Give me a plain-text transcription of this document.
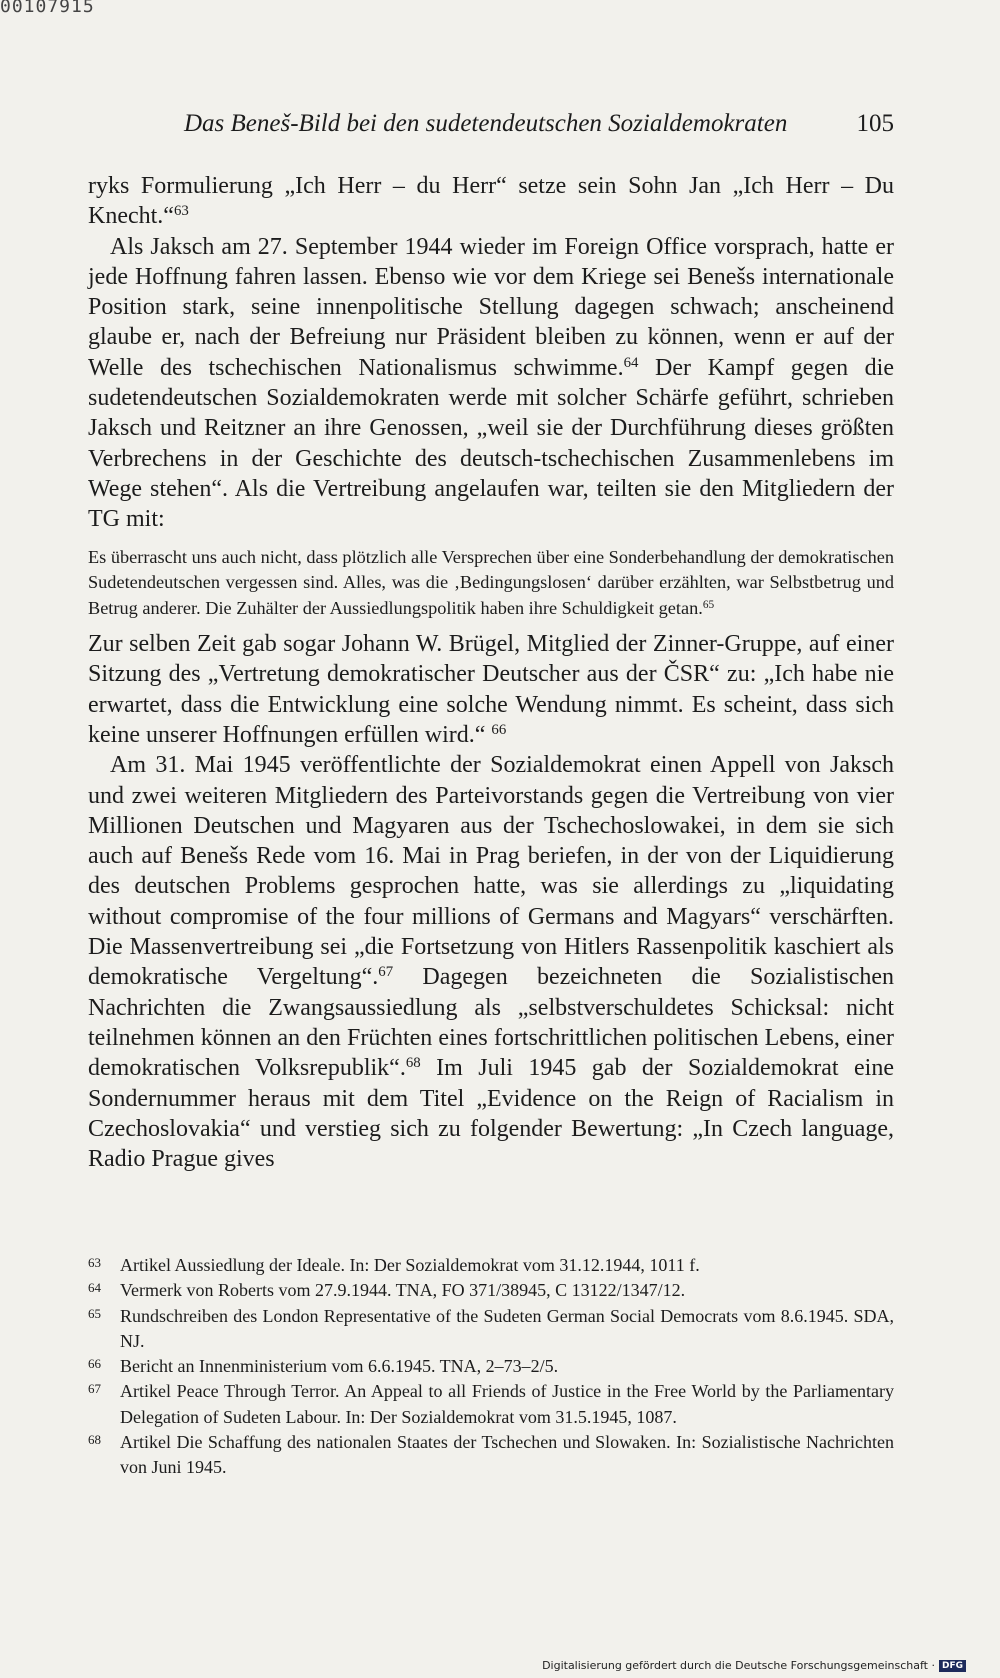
00107915
Das Beneš-Bild bei den sudetendeutschen Sozialdemokraten	105

ryks Formulierung „Ich Herr – du Herr“ setze sein Sohn Jan „Ich Herr – Du Knecht.“$^{63}$

Als Jaksch am 27. September 1944 wieder im Foreign Office vorsprach, hatte er jede Hoffnung fahren lassen. Ebenso wie vor dem Kriege sei Benešs internationale Position stark, seine innenpolitische Stellung dagegen schwach; anscheinend glaube er, nach der Befreiung nur Präsident bleiben zu können, wenn er auf der Welle des tschechischen Nationalismus schwimme.$^{64}$ Der Kampf gegen die sudetendeutschen Sozialdemokraten werde mit solcher Schärfe geführt, schrieben Jaksch und Reitzner an ihre Genossen, „weil sie der Durchführung dieses größten Verbrechens in der Geschichte des deutsch-tschechischen Zusammenlebens im Wege stehen“. Als die Vertreibung angelaufen war, teilten sie den Mitgliedern der TG mit:

Es überrascht uns auch nicht, dass plötzlich alle Versprechen über eine Sonderbehandlung der demokratischen Sudetendeutschen vergessen sind. Alles, was die ‚Bedingungslosen‘ darüber erzählten, war Selbstbetrug und Betrug anderer. Die Zuhälter der Aussiedlungspolitik haben ihre Schuldigkeit getan.$^{65}$

Zur selben Zeit gab sogar Johann W. Brügel, Mitglied der Zinner-Gruppe, auf einer Sitzung des „Vertretung demokratischer Deutscher aus der ČSR“ zu: „Ich habe nie erwartet, dass die Entwicklung eine solche Wendung nimmt. Es scheint, dass sich keine unserer Hoffnungen erfüllen wird.“ $^{66}$

Am 31. Mai 1945 veröffentlichte der Sozialdemokrat einen Appell von Jaksch und zwei weiteren Mitgliedern des Parteivorstands gegen die Vertreibung von vier Millionen Deutschen und Magyaren aus der Tschechoslowakei, in dem sie sich auch auf Benešs Rede vom 16. Mai in Prag beriefen, in der von der Liquidierung des deutschen Problems gesprochen hatte, was sie allerdings zu „liquidating without compromise of the four millions of Germans and Magyars“ verschärften. Die Massenvertreibung sei „die Fortsetzung von Hitlers Rassenpolitik kaschiert als demokratische Vergeltung“.$^{67}$ Dagegen bezeichneten die Sozialistischen Nachrichten die Zwangsaussiedlung als „selbstverschuldetes Schicksal: nicht teilnehmen können an den Früchten eines fortschrittlichen politischen Lebens, einer demokratischen Volksrepublik“.$^{68}$ Im Juli 1945 gab der Sozialdemokrat eine Sondernummer heraus mit dem Titel „Evidence on the Reign of Racialism in Czechoslovakia“ und verstieg sich zu folgender Bewertung: „In Czech language, Radio Prague gives

63	Artikel Aussiedlung der Ideale. In: Der Sozialdemokrat vom 31.12.1944, 1011 f.
64	Vermerk von Roberts vom 27.9.1944. TNA, FO 371/38945, C 13122/1347/12.
65	Rundschreiben des London Representative of the Sudeten German Social Democrats vom 8.6.1945. SDA, NJ.
66	Bericht an Innenministerium vom 6.6.1945. TNA, 2–73–2/5.
67	Artikel Peace Through Terror. An Appeal to all Friends of Justice in the Free World by the Parliamentary Delegation of Sudeten Labour. In: Der Sozialdemokrat vom 31.5.1945, 1087.
68	Artikel Die Schaffung des nationalen Staates der Tschechen und Slowaken. In: Sozialistische Nachrichten von Juni 1945.
Digitalisierung gefördert durch die Deutsche Forschungsgemeinschaft · DFG
